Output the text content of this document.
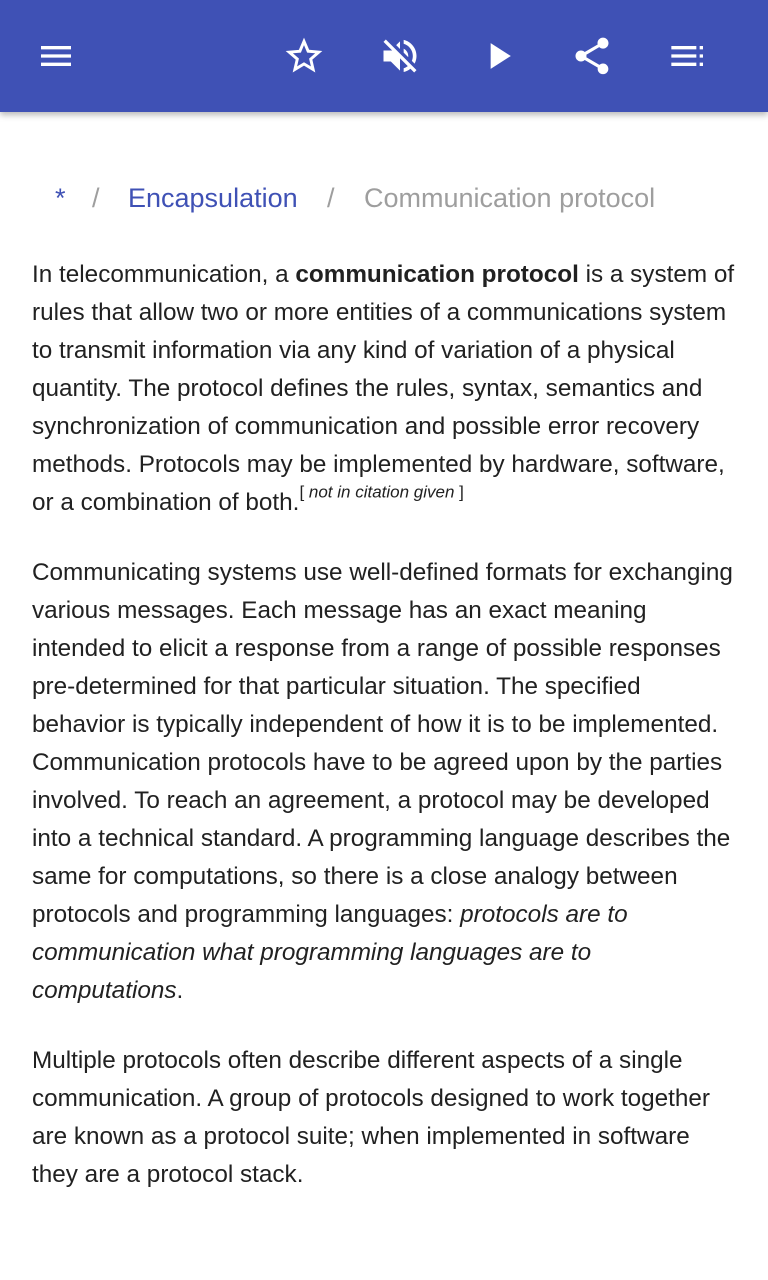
* / Encapsulation / Communication protocol

In telecommunication, a communication protocol is a system of rules that allow two or more entities of a communications system to transmit information via any kind of variation of a physical quantity. The protocol defines the rules, syntax, semantics and synchronization of communication and possible error recovery methods. Protocols may be implemented by hardware, software, or a combination of both.[ not in citation given ]

Communicating systems use well-defined formats for exchanging various messages. Each message has an exact meaning intended to elicit a response from a range of possible responses pre-determined for that particular situation. The specified behavior is typically independent of how it is to be implemented. Communication protocols have to be agreed upon by the parties involved. To reach an agreement, a protocol may be developed into a technical standard. A programming language describes the same for computations, so there is a close analogy between protocols and programming languages: protocols are to communication what programming languages are to computations.

Multiple protocols often describe different aspects of a single communication. A group of protocols designed to work together are known as a protocol suite; when implemented in software they are a protocol stack.
